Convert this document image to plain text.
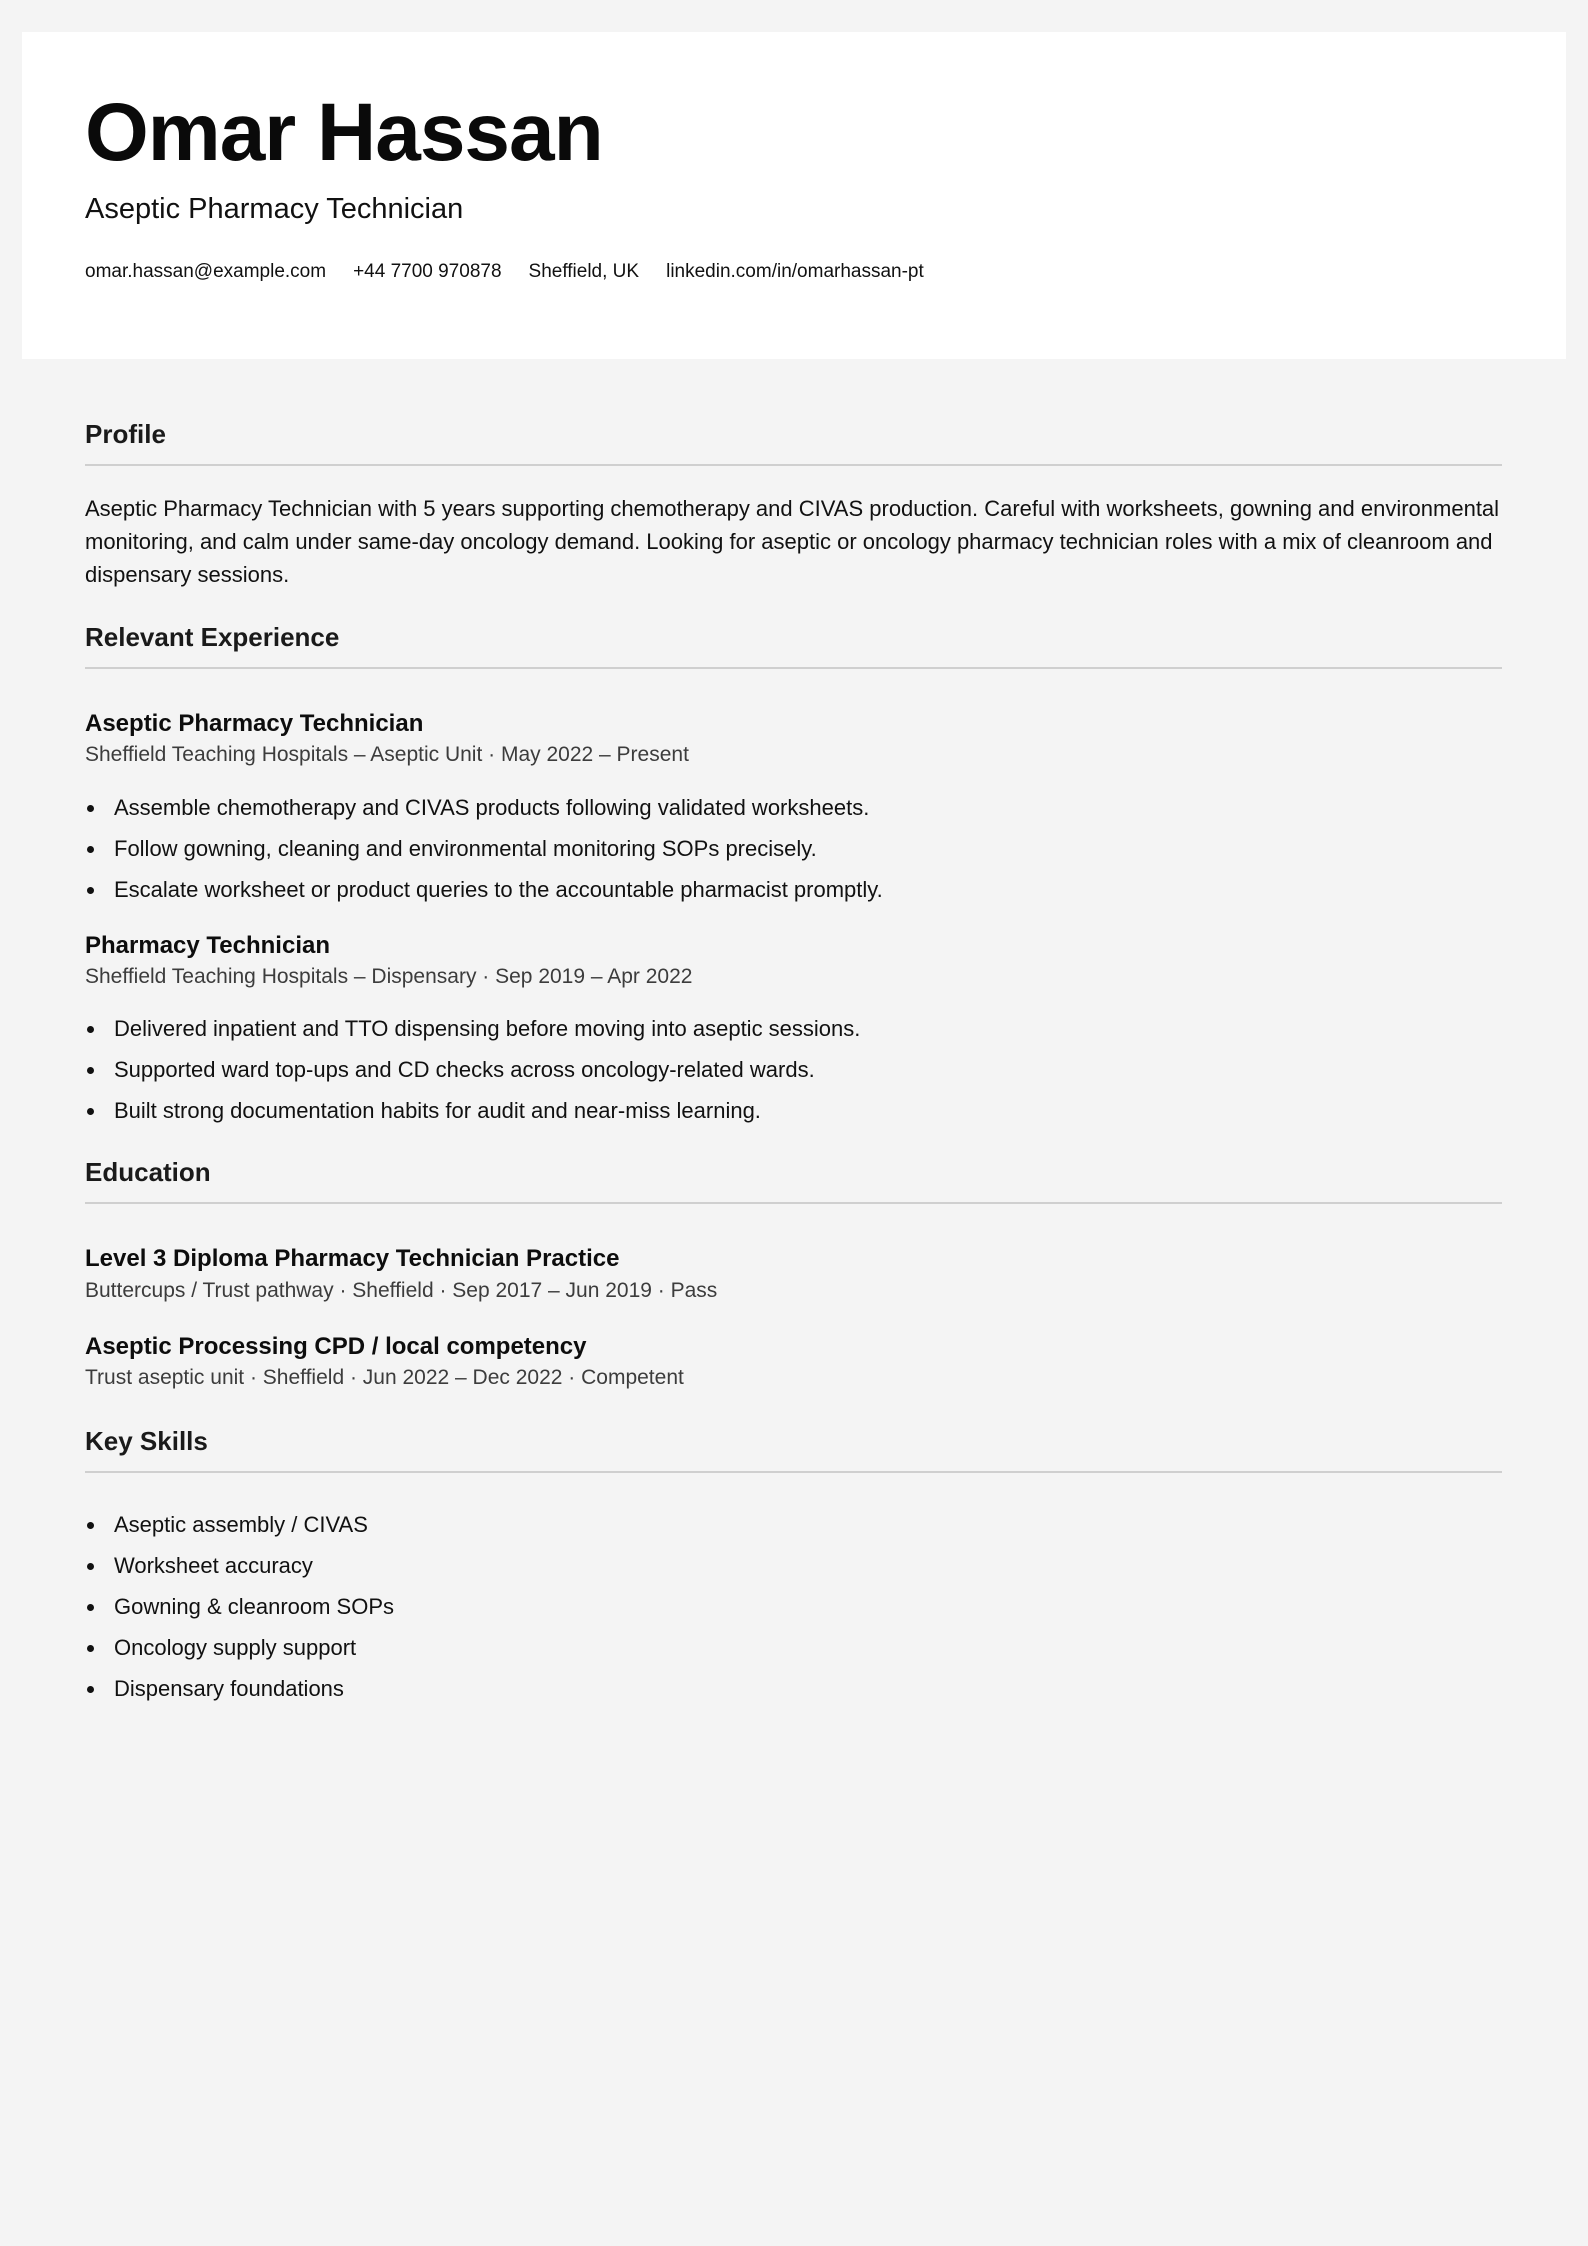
Omar Hassan
Aseptic Pharmacy Technician
omar.hassan@example.com +44 7700 970878 Sheffield, UK linkedin.com/in/omarhassan-pt
Profile

Aseptic Pharmacy Technician with 5 years supporting chemotherapy and CIVAS production. Careful with worksheets, gowning and environmental monitoring, and calm under same-day oncology demand. Looking for aseptic or oncology pharmacy technician roles with a mix of cleanroom and dispensary sessions.

Relevant Experience
Aseptic Pharmacy Technician
Sheffield Teaching Hospitals – Aseptic Unit · May 2022 – Present
Assemble chemotherapy and CIVAS products following validated worksheets.
Follow gowning, cleaning and environmental monitoring SOPs precisely.
Escalate worksheet or product queries to the accountable pharmacist promptly.
Pharmacy Technician
Sheffield Teaching Hospitals – Dispensary · Sep 2019 – Apr 2022
Delivered inpatient and TTO dispensing before moving into aseptic sessions.
Supported ward top-ups and CD checks across oncology-related wards.
Built strong documentation habits for audit and near-miss learning.
Education
Level 3 Diploma Pharmacy Technician Practice
Buttercups / Trust pathway · Sheffield · Sep 2017 – Jun 2019 · Pass
Aseptic Processing CPD / local competency
Trust aseptic unit · Sheffield · Jun 2022 – Dec 2022 · Competent
Key Skills
Aseptic assembly / CIVAS
Worksheet accuracy
Gowning & cleanroom SOPs
Oncology supply support
Dispensary foundations
